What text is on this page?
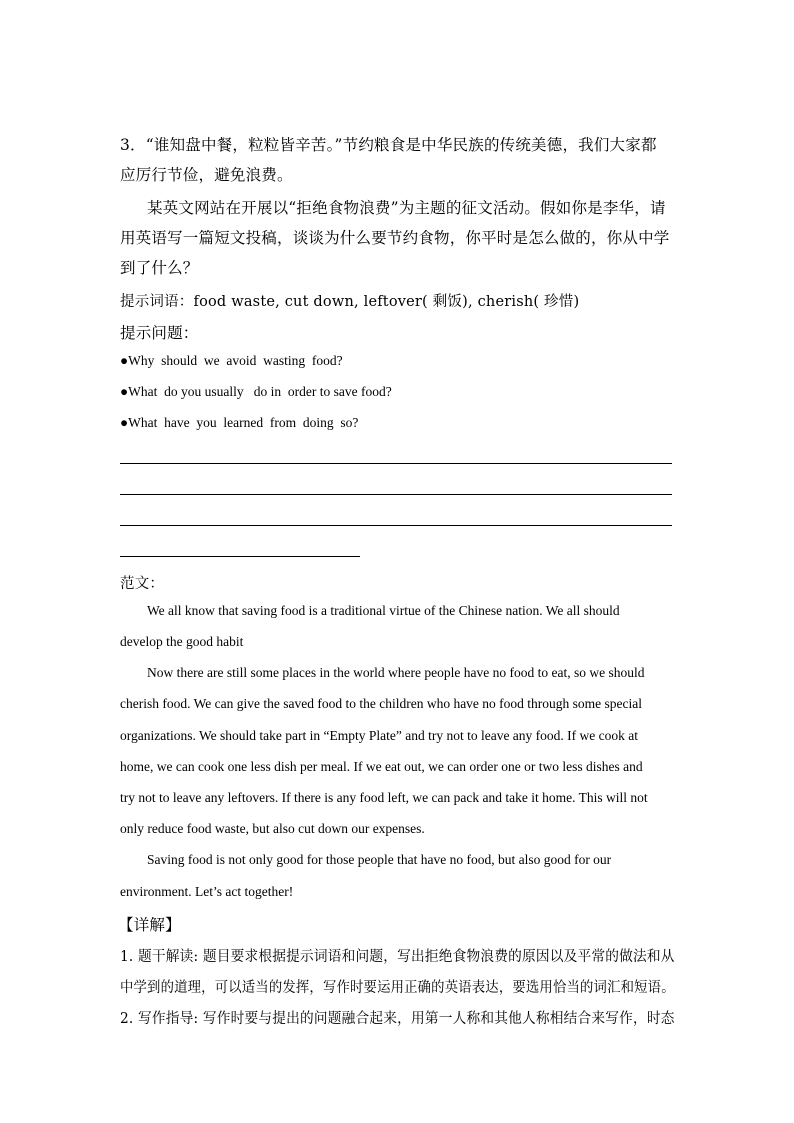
3．“谁知盘中餐，粒粒皆辛苦。”节约粮食是中华民族的传统美德，我们大家都
应厉行节俭，避免浪费。
某英文网站在开展以“拒绝食物浪费”为主题的征文活动。假如你是李华，请
用英语写一篇短文投稿，谈谈为什么要节约食物，你平时是怎么做的，你从中学
到了什么？
提示词语：food waste, cut down, leftover( 剩饭), cherish( 珍惜)
提示问题：
●Why  should  we  avoid  wasting  food?
●What  do you usually   do in  order to save food?
●What  have  you  learned  from  doing  so?
范文：
We all know that saving food is a traditional virtue of the Chinese nation. We all should
develop the good habit
Now there are still some places in the world where people have no food to eat, so we should
cherish food. We can give the saved food to the children who have no food through some special
organizations. We should take part in “Empty Plate” and try not to leave any food. If we cook at
home, we can cook one less dish per meal. If we eat out, we can order one or two less dishes and
try not to leave any leftovers. If there is any food left, we can pack and take it home. This will not
only reduce food waste, but also cut down our expenses.
Saving food is not only good for those people that have no food, but also good for our
environment. Let’s act together!
【详解】
1. 题干解读: 题目要求根据提示词语和问题，写出拒绝食物浪费的原因以及平常的做法和从
中学到的道理，可以适当的发挥，写作时要运用正确的英语表达，要选用恰当的词汇和短语。
2. 写作指导: 写作时要与提出的问题融合起来，用第一人称和其他人称相结合来写作，时态
